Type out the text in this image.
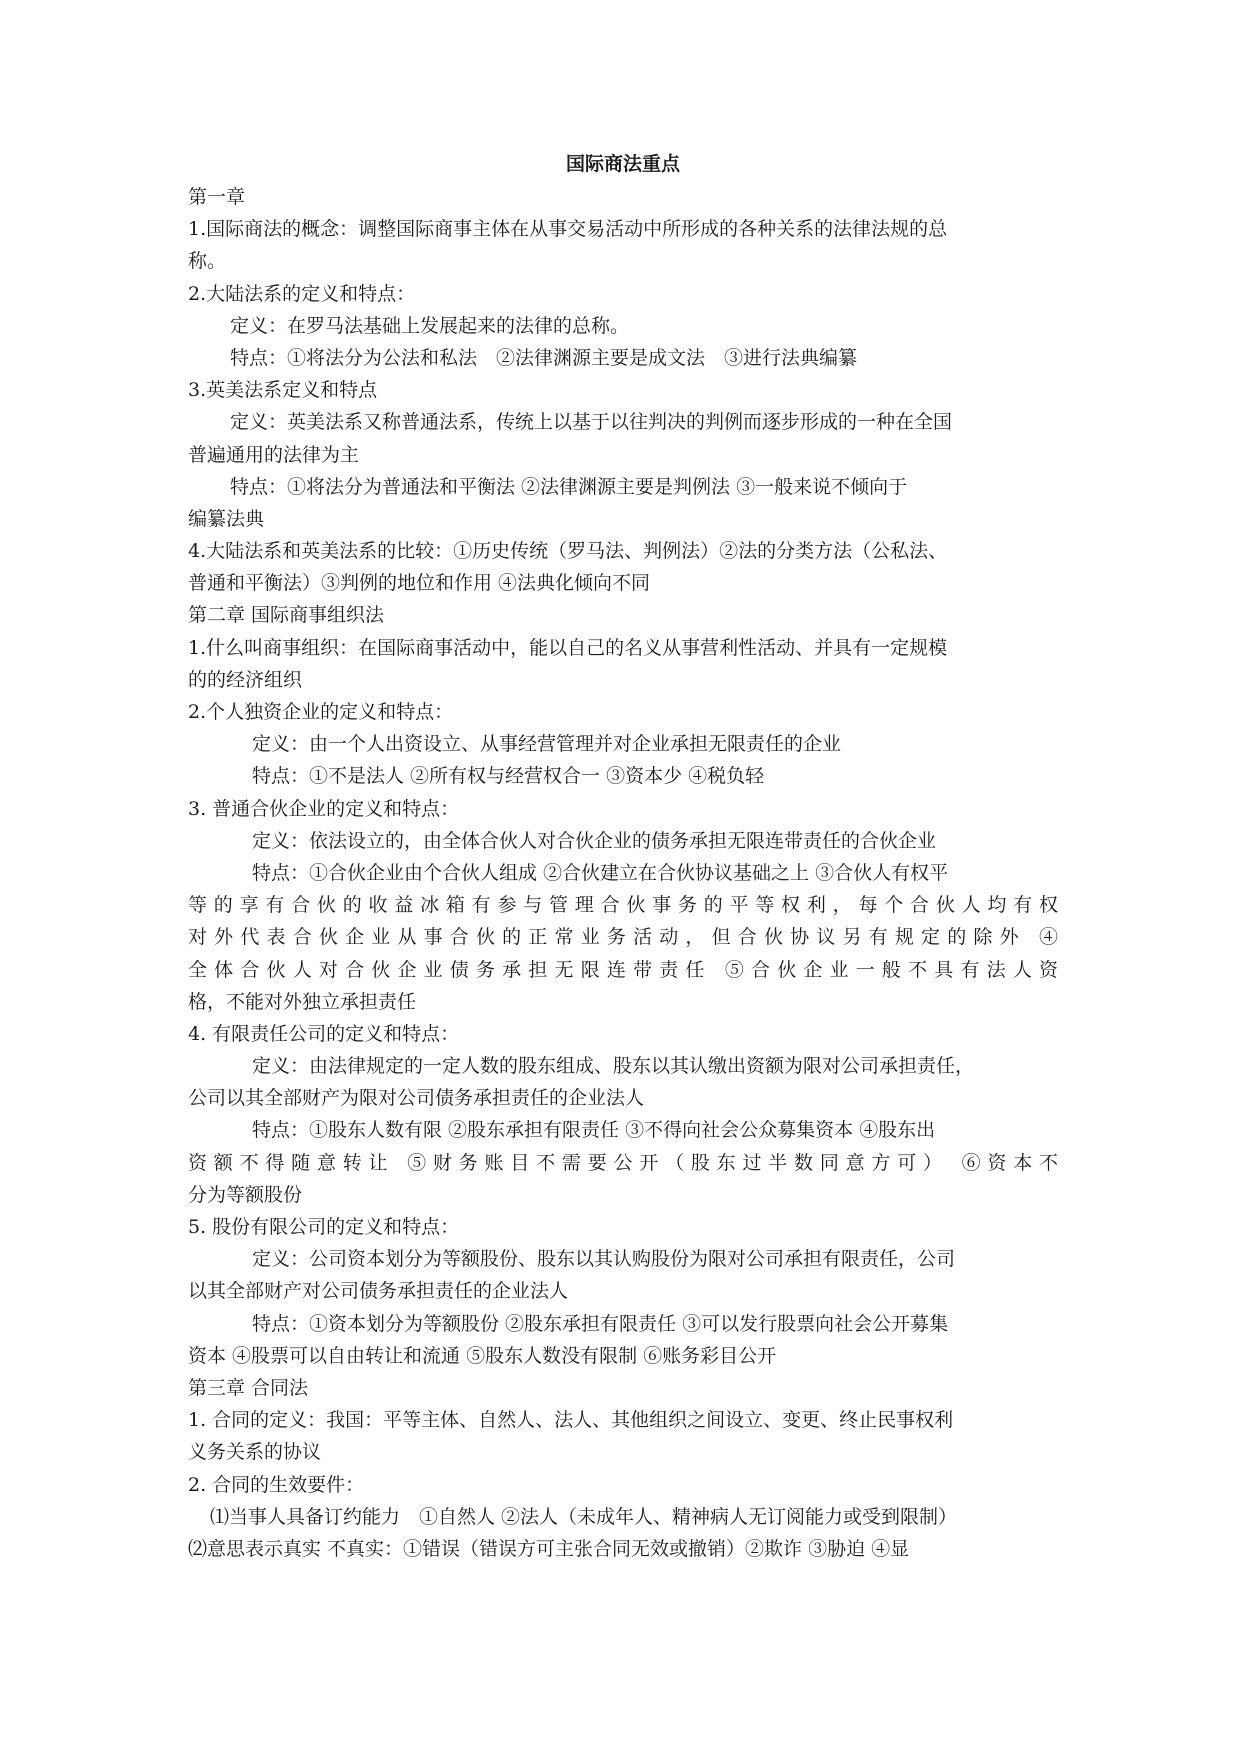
国际商法重点
第一章
1.国际商法的概念：调整国际商事主体在从事交易活动中所形成的各种关系的法律法规的总
称。
2.大陆法系的定义和特点：
定义：在罗马法基础上发展起来的法律的总称。
特点：①将法分为公法和私法　②法律渊源主要是成文法　③进行法典编纂
3.英美法系定义和特点
定义：英美法系又称普通法系，传统上以基于以往判决的判例而逐步形成的一种在全国
普遍通用的法律为主
特点：①将法分为普通法和平衡法 ②法律渊源主要是判例法 ③一般来说不倾向于
编纂法典
4.大陆法系和英美法系的比较：①历史传统（罗马法、判例法）②法的分类方法（公私法、
普通和平衡法）③判例的地位和作用 ④法典化倾向不同
第二章 国际商事组织法
1.什么叫商事组织：在国际商事活动中，能以自己的名义从事营利性活动、并具有一定规模
的的经济组织
2.个人独资企业的定义和特点：
定义：由一个人出资设立、从事经营管理并对企业承担无限责任的企业
特点：①不是法人 ②所有权与经营权合一 ③资本少 ④税负轻
3. 普通合伙企业的定义和特点：
定义：依法设立的，由全体合伙人对合伙企业的债务承担无限连带责任的合伙企业
特点：①合伙企业由个合伙人组成 ②合伙建立在合伙协议基础之上 ③合伙人有权平
等的享有合伙的收益冰箱有参与管理合伙事务的平等权利，每个合伙人均有权
对外代表合伙企业从事合伙的正常业务活动，但合伙协议另有规定的除外 ④
全体合伙人对合伙企业债务承担无限连带责任 ⑤合伙企业一般不具有法人资
格，不能对外独立承担责任
4. 有限责任公司的定义和特点：
定义：由法律规定的一定人数的股东组成、股东以其认缴出资额为限对公司承担责任，
公司以其全部财产为限对公司债务承担责任的企业法人
特点：①股东人数有限 ②股东承担有限责任 ③不得向社会公众募集资本 ④股东出
资额不得随意转让 ⑤财务账目不需要公开（股东过半数同意方可） ⑥资本不
分为等额股份
5. 股份有限公司的定义和特点：
定义：公司资本划分为等额股份、股东以其认购股份为限对公司承担有限责任，公司
以其全部财产对公司债务承担责任的企业法人
特点：①资本划分为等额股份 ②股东承担有限责任 ③可以发行股票向社会公开募集
资本 ④股票可以自由转让和流通 ⑤股东人数没有限制 ⑥账务彩目公开
第三章 合同法
1. 合同的定义：我国：平等主体、自然人、法人、其他组织之间设立、变更、终止民事权利
义务关系的协议
2. 合同的生效要件：
⑴当事人具备订约能力　①自然人 ②法人（未成年人、精神病人无订阅能力或受到限制）
⑵意思表示真实 不真实：①错误（错误方可主张合同无效或撤销）②欺诈 ③胁迫 ④显
